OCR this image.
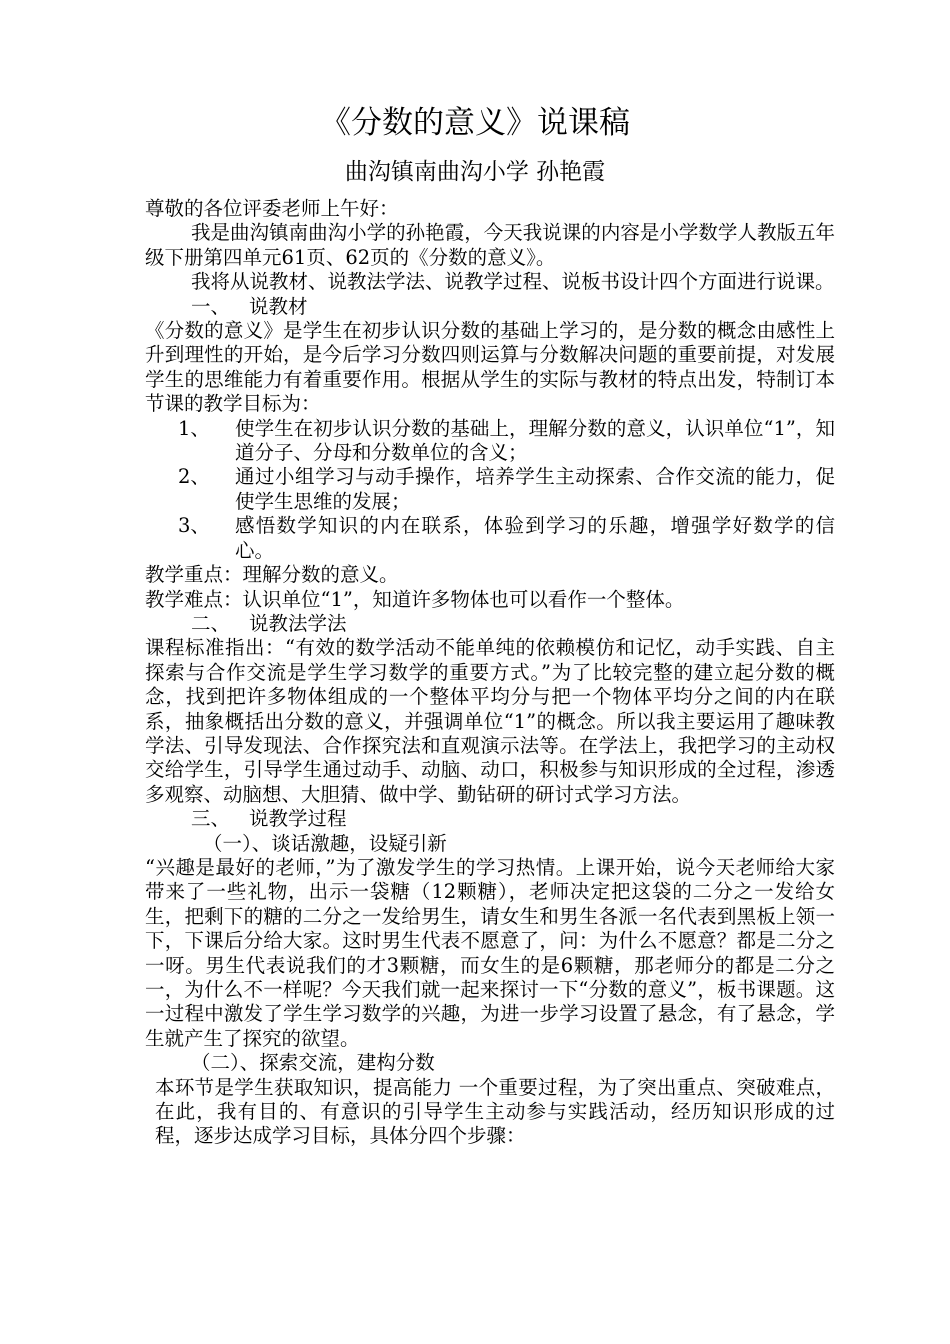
《分数的意义》说课稿
曲沟镇南曲沟小学 孙艳霞

尊敬的各位评委老师上午好：

我是曲沟镇南曲沟小学的孙艳霞，今天我说课的内容是小学数学人教版五年级下册第四单元61页、62页的《分数的意义》。

我将从说教材、说教法学法、说教学过程、说板书设计四个方面进行说课。

一、 说教材

《分数的意义》是学生在初步认识分数的基础上学习的，是分数的概念由感性上升到理性的开始，是今后学习分数四则运算与分数解决问题的重要前提，对发展学生的思维能力有着重要作用。根据从学生的实际与教材的特点出发，特制订本节课的教学目标为：

1、 使学生在初步认识分数的基础上，理解分数的意义，认识单位“1”，知道分子、分母和分数单位的含义；

2、 通过小组学习与动手操作，培养学生主动探索、合作交流的能力，促使学生思维的发展；

3、 感悟数学知识的内在联系，体验到学习的乐趣，增强学好数学的信心。

教学重点：理解分数的意义。

教学难点：认识单位“1”，知道许多物体也可以看作一个整体。

二、 说教法学法

课程标准指出：“有效的数学活动不能单纯的依赖模仿和记忆，动手实践、自主探索与合作交流是学生学习数学的重要方式。”为了比较完整的建立起分数的概念，找到把许多物体组成的一个整体平均分与把一个物体平均分之间的内在联系，抽象概括出分数的意义，并强调单位“1”的概念。所以我主要运用了趣味教学法、引导发现法、合作探究法和直观演示法等。在学法上，我把学习的主动权交给学生，引导学生通过动手、动脑、动口，积极参与知识形成的全过程，渗透多观察、动脑想、大胆猜、做中学、勤钻研的研讨式学习方法。

三、 说教学过程

（一）、谈话激趣，设疑引新

“兴趣是最好的老师，”为了激发学生的学习热情。上课开始，说今天老师给大家带来了一些礼物，出示一袋糖（12颗糖），老师决定把这袋的二分之一发给女生，把剩下的糖的二分之一发给男生，请女生和男生各派一名代表到黑板上领一下，下课后分给大家。这时男生代表不愿意了，问：为什么不愿意？都是二分之一呀。男生代表说我们的才3颗糖，而女生的是6颗糖，那老师分的都是二分之一，为什么不一样呢？今天我们就一起来探讨一下“分数的意义”，板书课题。这一过程中激发了学生学习数学的兴趣，为进一步学习设置了悬念，有了悬念，学生就产生了探究的欲望。

（二）、探索交流，建构分数

本环节是学生获取知识，提高能力 一个重要过程，为了突出重点、突破难点，在此，我有目的、有意识的引导学生主动参与实践活动，经历知识形成的过程，逐步达成学习目标，具体分四个步骤：
